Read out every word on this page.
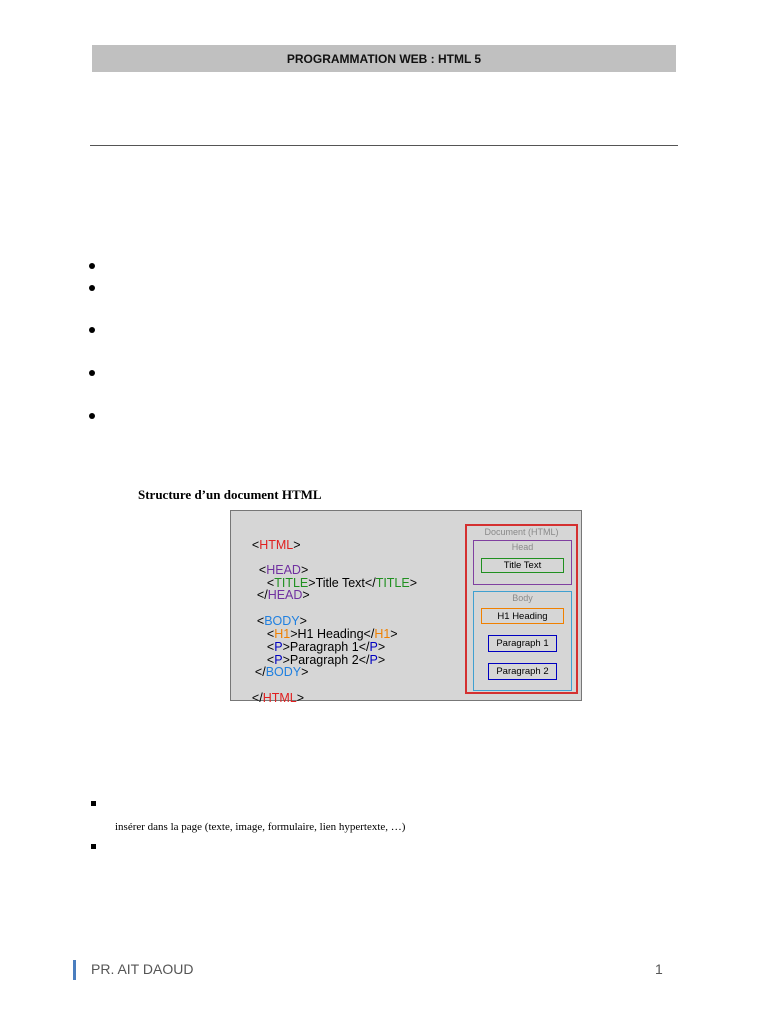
PROGRAMMATION WEB : HTML 5
Structure d’un document HTML

<HTML>

<HEAD>

<TITLE>Title Text</TITLE>

</HEAD>

<BODY>

<H1>H1 Heading</H1>

<P>Paragraph 1</P>

<P>Paragraph 2</P>

</BODY>

</HTML>

Document (HTML)
Head
Title Text
Body
H1 Heading
Paragraph 1
Paragraph 2
insérer dans la page (texte, image, formulaire, lien hypertexte, …)
PR. AIT DAOUD	1
